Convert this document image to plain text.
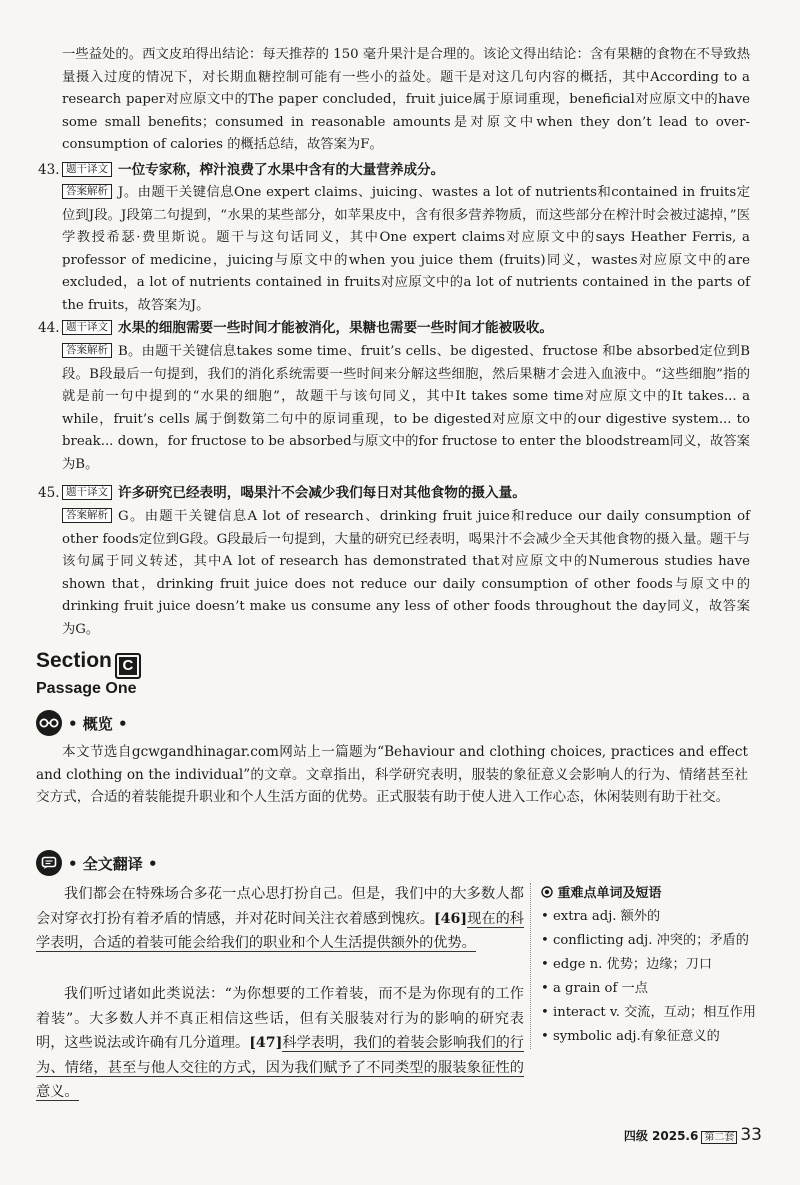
一些益处的。西文皮珀得出结论：每天推荐的 150 毫升果汁是合理的。该论文得出结论：含有果糖的食物在不导致热量摄入过度的情况下，对长期血糖控制可能有一些小的益处。题干是对这几句内容的概括，其中According to a research paper对应原文中的The paper concluded，fruit juice属于原词重现，beneficial对应原文中的have some small benefits；consumed in reasonable amounts是对原文中when they don’t lead to over-consumption of calories 的概括总结，故答案为F。
43. 题干译文 一位专家称，榨汁浪费了水果中含有的大量营养成分。
答案解析 J。由题干关键信息One expert claims、juicing、wastes a lot of nutrients和contained in fruits定位到J段。J段第二句提到，“水果的某些部分，如苹果皮中，含有很多营养物质，而这些部分在榨汁时会被过滤掉，”医学教授希瑟·费里斯说。题干与这句话同义，其中One expert claims对应原文中的says Heather Ferris, a professor of medicine，juicing与原文中的when you juice them (fruits)同义，wastes对应原文中的are excluded，a lot of nutrients contained in fruits对应原文中的a lot of nutrients contained in the parts of the fruits，故答案为J。
44. 题干译文 水果的细胞需要一些时间才能被消化，果糖也需要一些时间才能被吸收。
答案解析 B。由题干关键信息takes some time、fruit’s cells、be digested、fructose 和be absorbed定位到B段。B段最后一句提到，我们的消化系统需要一些时间来分解这些细胞，然后果糖才会进入血液中。“这些细胞”指的就是前一句中提到的“水果的细胞”，故题干与该句同义，其中It takes some time对应原文中的It takes... a while，fruit’s cells 属于倒数第二句中的原词重现，to be digested对应原文中的our digestive system... to break... down，for fructose to be absorbed与原文中的for fructose to enter the bloodstream同义，故答案为B。
45. 题干译文 许多研究已经表明，喝果汁不会减少我们每日对其他食物的摄入量。
答案解析 G。由题干关键信息A lot of research、drinking fruit juice和reduce our daily consumption of other foods定位到G段。G段最后一句提到，大量的研究已经表明，喝果汁不会减少全天其他食物的摄入量。题干与该句属于同义转述，其中A lot of research has demonstrated that对应原文中的Numerous studies have shown that，drinking fruit juice does not reduce our daily consumption of other foods与原文中的drinking fruit juice doesn’t make us consume any less of other foods throughout the day同义，故答案为G。
Section C
Passage One
• 概览 •
本文节选自gcwgandhinagar.com网站上一篇题为“Behaviour and clothing choices, practices and effect and clothing on the individual”的文章。文章指出，科学研究表明，服装的象征意义会影响人的行为、情绪甚至社交方式，合适的着装能提升职业和个人生活方面的优势。正式服装有助于使人进入工作心态，休闲装则有助于社交。
• 全文翻译 •
我们都会在特殊场合多花一点心思打扮自己。但是，我们中的大多数人都会对穿衣打扮有着矛盾的情感，并对花时间关注衣着感到愧疚。[46]现在的科学表明，合适的着装可能会给我们的职业和个人生活提供额外的优势。
我们听过诸如此类说法：“为你想要的工作着装，而不是为你现有的工作着装”。大多数人并不真正相信这些话，但有关服装对行为的影响的研究表明，这些说法或许确有几分道理。[47]科学表明，我们的着装会影响我们的行为、情绪，甚至与他人交往的方式，因为我们赋予了不同类型的服装象征性的意义。
重难点单词及短语
• extra adj. 额外的
• conflicting adj. 冲突的；矛盾的
• edge n. 优势；边缘；刀口
• a grain of 一点
• interact v. 交流，互动；相互作用
• symbolic adj.有象征意义的
四级 2025.6 第二套 33
